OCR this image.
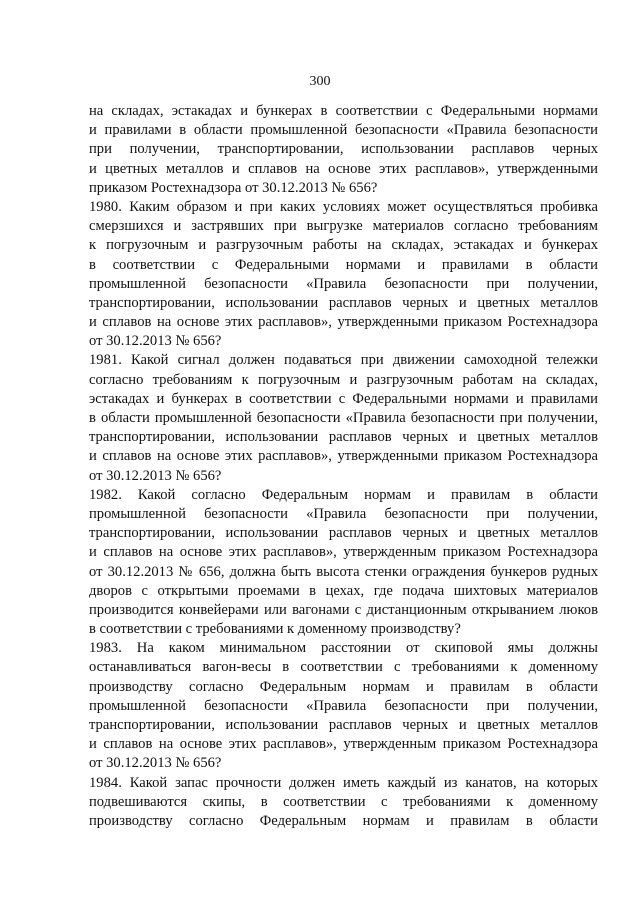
300
на складах, эстакадах и бункерах в соответствии с Федеральными нормами
и правилами в области промышленной безопасности «Правила безопасности
при получении, транспортировании, использовании расплавов черных
и цветных металлов и сплавов на основе этих расплавов», утвержденными
приказом Ростехнадзора от 30.12.2013 № 656?
1980. Каким образом и при каких условиях может осуществляться пробивка
смерзшихся и застрявших при выгрузке материалов согласно требованиям
к погрузочным и разгрузочным работы на складах, эстакадах и бункерах
в соответствии с Федеральными нормами и правилами в области
промышленной безопасности «Правила безопасности при получении,
транспортировании, использовании расплавов черных и цветных металлов
и сплавов на основе этих расплавов», утвержденными приказом Ростехнадзора
от 30.12.2013 № 656?
1981. Какой сигнал должен подаваться при движении самоходной тележки
согласно требованиям к погрузочным и разгрузочным работам на складах,
эстакадах и бункерах в соответствии с Федеральными нормами и правилами
в области промышленной безопасности «Правила безопасности при получении,
транспортировании, использовании расплавов черных и цветных металлов
и сплавов на основе этих расплавов», утвержденными приказом Ростехнадзора
от 30.12.2013 № 656?
1982. Какой согласно Федеральным нормам и правилам в области
промышленной безопасности «Правила безопасности при получении,
транспортировании, использовании расплавов черных и цветных металлов
и сплавов на основе этих расплавов», утвержденным приказом Ростехнадзора
от 30.12.2013 № 656, должна быть высота стенки ограждения бункеров рудных
дворов с открытыми проемами в цехах, где подача шихтовых материалов
производится конвейерами или вагонами с дистанционным открыванием люков
в соответствии с требованиями к доменному производству?
1983. На каком минимальном расстоянии от скиповой ямы должны
останавливаться вагон-весы в соответствии с требованиями к доменному
производству согласно Федеральным нормам и правилам в области
промышленной безопасности «Правила безопасности при получении,
транспортировании, использовании расплавов черных и цветных металлов
и сплавов на основе этих расплавов», утвержденным приказом Ростехнадзора
от 30.12.2013 № 656?
1984. Какой запас прочности должен иметь каждый из канатов, на которых
подвешиваются скипы, в соответствии с требованиями к доменному
производству согласно Федеральным нормам и правилам в области
